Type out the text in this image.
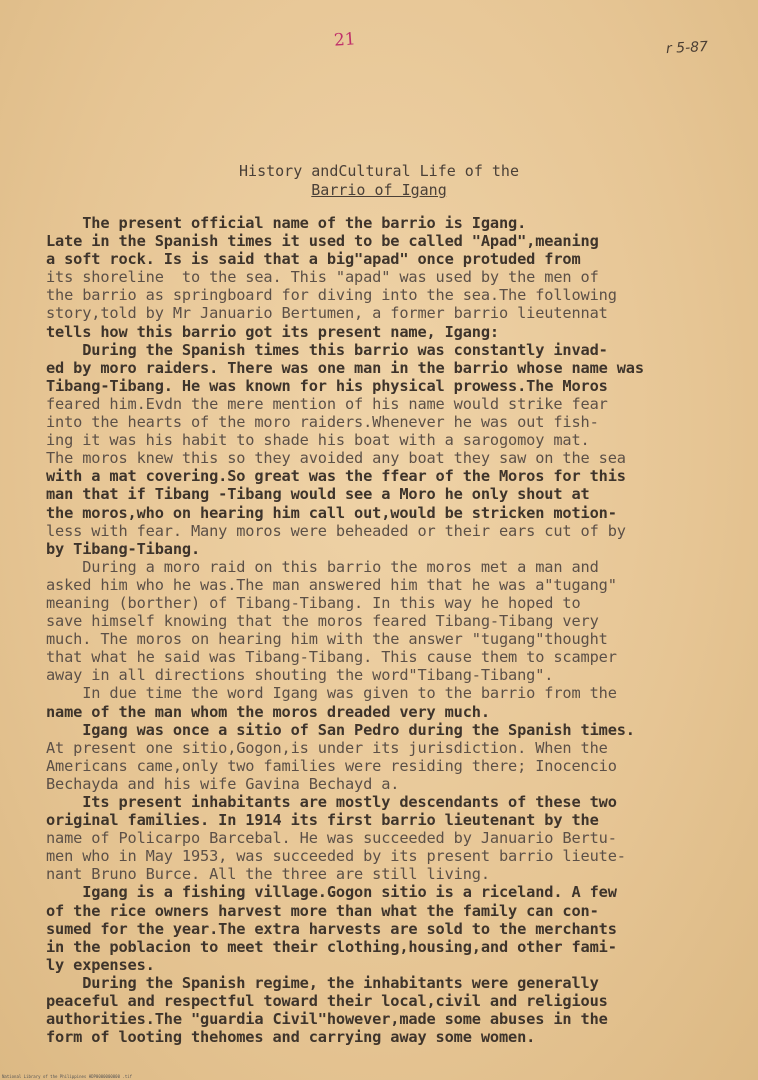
21	r 5-87
History andCultural Life of the
Barrio of Igang
The present official name of the barrio is Igang.
Late in the Spanish times it used to be called "Apad",meaning
a soft rock. Is is said that a big"apad" once protuded from
its shoreline  to the sea. This "apad" was used by the men of
the barrio as springboard for diving into the sea.The following
story,told by Mr Januario Bertumen, a former barrio lieutennat
tells how this barrio got its present name, Igang:
During the Spanish times this barrio was constantly invad-
ed by moro raiders. There was one man in the barrio whose name was
Tibang-Tibang. He was known for his physical prowess.The Moros
feared him.Evdn the mere mention of his name would strike fear
into the hearts of the moro raiders.Whenever he was out fish-
ing it was his habit to shade his boat with a sarogomoy mat.
The moros knew this so they avoided any boat they saw on the sea
with a mat covering.So great was the ffear of the Moros for this
man that if Tibang -Tibang would see a Moro he only shout at
the moros,who on hearing him call out,would be stricken motion-
less with fear. Many moros were beheaded or their ears cut of by
by Tibang-Tibang.
During a moro raid on this barrio the moros met a man and
asked him who he was.The man answered him that he was a"tugang"
meaning (borther) of Tibang-Tibang. In this way he hoped to
save himself knowing that the moros feared Tibang-Tibang very
much. The moros on hearing him with the answer "tugang"thought
that what he said was Tibang-Tibang. This cause them to scamper
away in all directions shouting the word"Tibang-Tibang".
In due time the word Igang was given to the barrio from the
name of the man whom the moros dreaded very much.
Igang was once a sitio of San Pedro during the Spanish times.
At present one sitio,Gogon,is under its jurisdiction. When the
Americans came,only two families were residing there; Inocencio
Bechayda and his wife Gavina Bechayd a.
Its present inhabitants are mostly descendants of these two
original families. In 1914 its first barrio lieutenant by the
name of Policarpo Barcebal. He was succeeded by Januario Bertu-
men who in May 1953, was succeeded by its present barrio lieute-
nant Bruno Burce. All the three are still living.
Igang is a fishing village.Gogon sitio is a riceland. A few
of the rice owners harvest more than what the family can con-
sumed for the year.The extra harvests are sold to the merchants
in the poblacion to meet their clothing,housing,and other fami-
ly expenses.
During the Spanish regime, the inhabitants were generally
peaceful and respectful toward their local,civil and religious
authorities.The "guardia Civil"however,made some abuses in the
form of looting thehomes and carrying away some women.
National Library of the Philippines HDP0000000000 .tif
